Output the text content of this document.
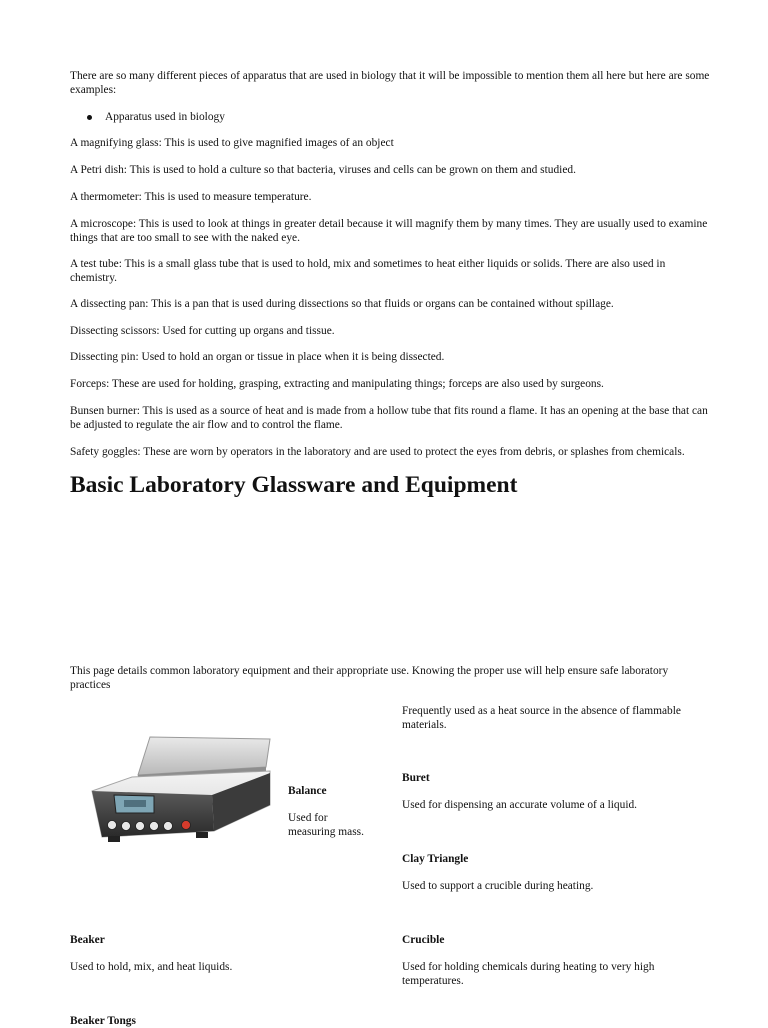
There are so many different pieces of apparatus that are used in biology that it will be impossible to mention them all here but here are some examples:

Apparatus used in biology

A magnifying glass: This is used to give magnified images of an object

A Petri dish: This is used to hold a culture so that bacteria, viruses and cells can be grown on them and studied.

A thermometer: This is used to measure temperature.

A microscope: This is used to look at things in greater detail because it will magnify them by many times. They are usually used to examine things that are too small to see with the naked eye.

A test tube: This is a small glass tube that is used to hold, mix and sometimes to heat either liquids or solids. There are also used in chemistry.

A dissecting pan: This is a pan that is used during dissections so that fluids or organs can be contained without spillage.

Dissecting scissors: Used for cutting up organs and tissue.

Dissecting pin: Used to hold an organ or tissue in place when it is being dissected.

Forceps: These are used for holding, grasping, extracting and manipulating things; forceps are also used by surgeons.

Bunsen burner: This is used as a source of heat and is made from a hollow tube that fits round a flame. It has an opening at the base that can be adjusted to regulate the air flow and to control the flame.

Safety goggles: These are worn by operators in the laboratory and are used to protect the eyes from debris, or splashes from chemicals.

Basic Laboratory Glassware and Equipment

This page details common laboratory equipment and their appropriate use. Knowing the proper use will help ensure safe laboratory practices

Frequently used as a heat source in the absence of flammable materials.

Buret

Used for dispensing an accurate volume of a liquid.

Clay Triangle

Used to support a crucible during heating.

Crucible

Used for holding chemicals during heating to very high temperatures.

Balance

Used for measuring mass.

Beaker

Used to hold, mix, and heat liquids.

Beaker Tongs
